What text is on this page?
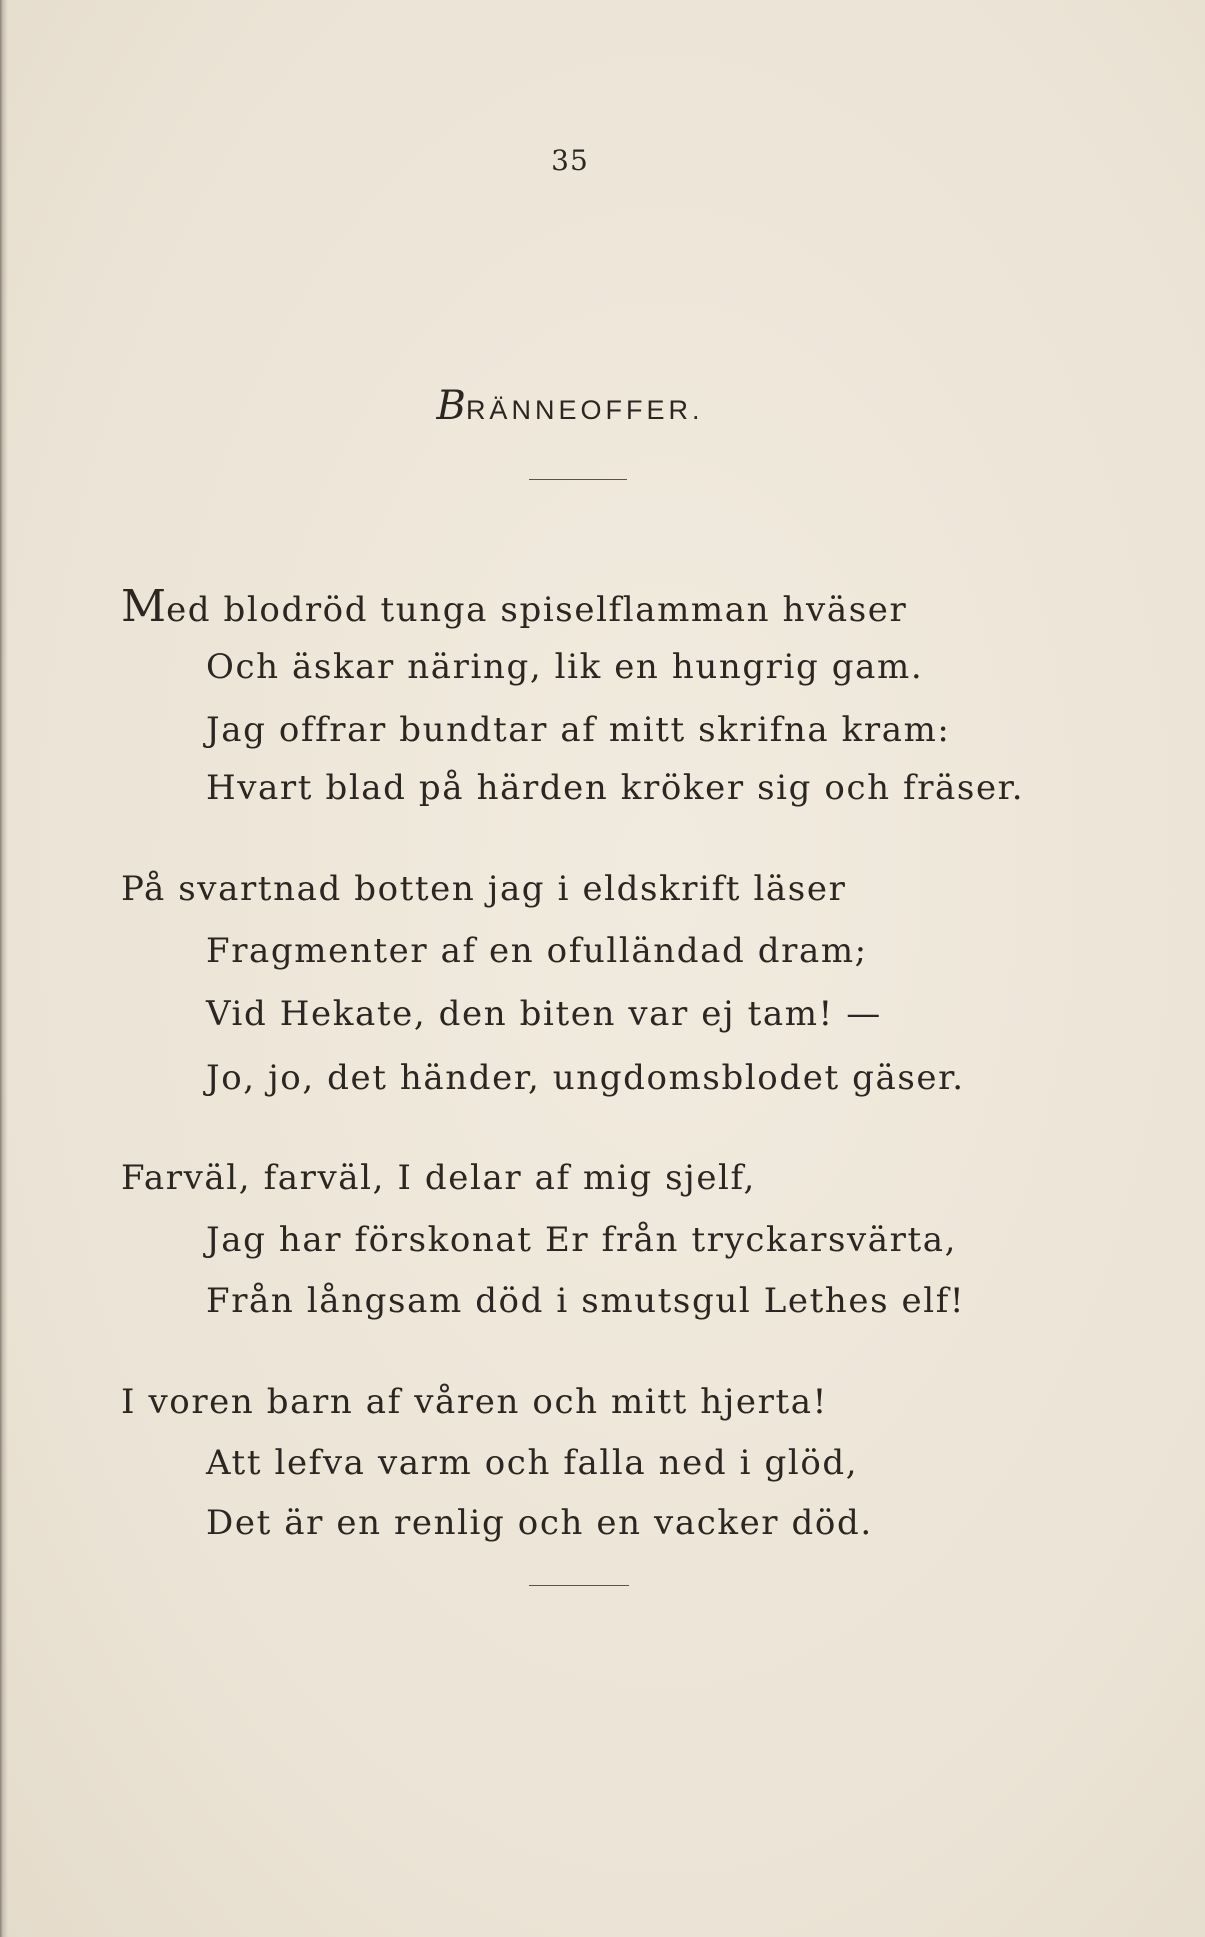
35
BRÄNNEOFFER.
Med blodröd tunga spiselflamman hväser
Och äskar näring, lik en hungrig gam.
Jag offrar bundtar af mitt skrifna kram:
Hvart blad på härden kröker sig och fräser.
På svartnad botten jag i eldskrift läser
Fragmenter af en ofulländad dram;
Vid Hekate, den biten var ej tam! —
Jo, jo, det händer, ungdomsblodet gäser.
Farväl, farväl, I delar af mig sjelf,
Jag har förskonat Er från tryckarsvärta,
Från långsam död i smutsgul Lethes elf!
I voren barn af våren och mitt hjerta!
Att lefva varm och falla ned i glöd,
Det är en renlig och en vacker död.
